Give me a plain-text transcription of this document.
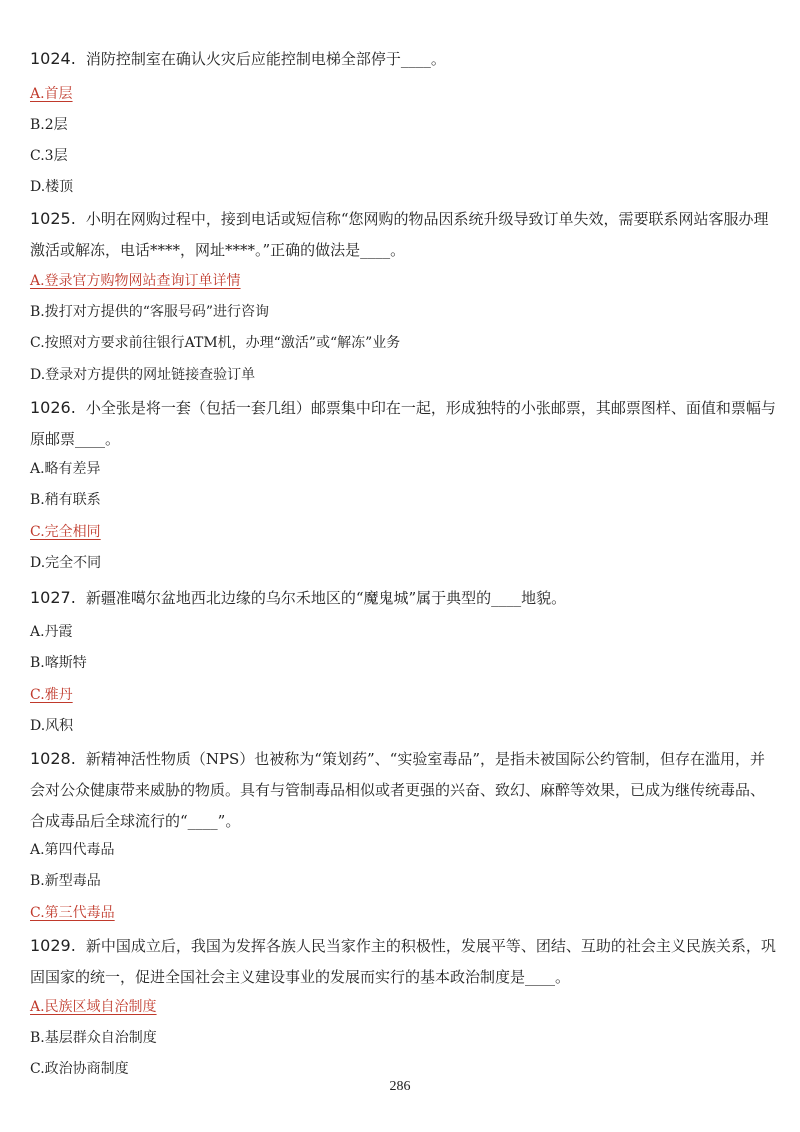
1024. 消防控制室在确认火灾后应能控制电梯全部停于____。
A.首层
B.2层
C.3层
D.楼顶
1025. 小明在网购过程中，接到电话或短信称“您网购的物品因系统升级导致订单失效，需要联系网站客服办理激活或解冻，电话****，网址****。”正确的做法是____。
A.登录官方购物网站查询订单详情
B.拨打对方提供的“客服号码”进行咨询
C.按照对方要求前往银行ATM机，办理“激活”或“解冻”业务
D.登录对方提供的网址链接查验订单
1026. 小全张是将一套（包括一套几组）邮票集中印在一起，形成独特的小张邮票，其邮票图样、面值和票幅与原邮票____。
A.略有差异
B.稍有联系
C.完全相同
D.完全不同
1027. 新疆准噶尔盆地西北边缘的乌尔禾地区的“魔鬼城”属于典型的____地貌。
A.丹霞
B.喀斯特
C.雅丹
D.风积
1028. 新精神活性物质（NPS）也被称为“策划药”、“实验室毒品”，是指未被国际公约管制，但存在滥用，并会对公众健康带来威胁的物质。具有与管制毒品相似或者更强的兴奋、致幻、麻醉等效果，已成为继传统毒品、合成毒品后全球流行的“____”。
A.第四代毒品
B.新型毒品
C.第三代毒品
1029. 新中国成立后，我国为发挥各族人民当家作主的积极性，发展平等、团结、互助的社会主义民族关系，巩固国家的统一，促进全国社会主义建设事业的发展而实行的基本政治制度是____。
A.民族区域自治制度
B.基层群众自治制度
C.政治协商制度
286
